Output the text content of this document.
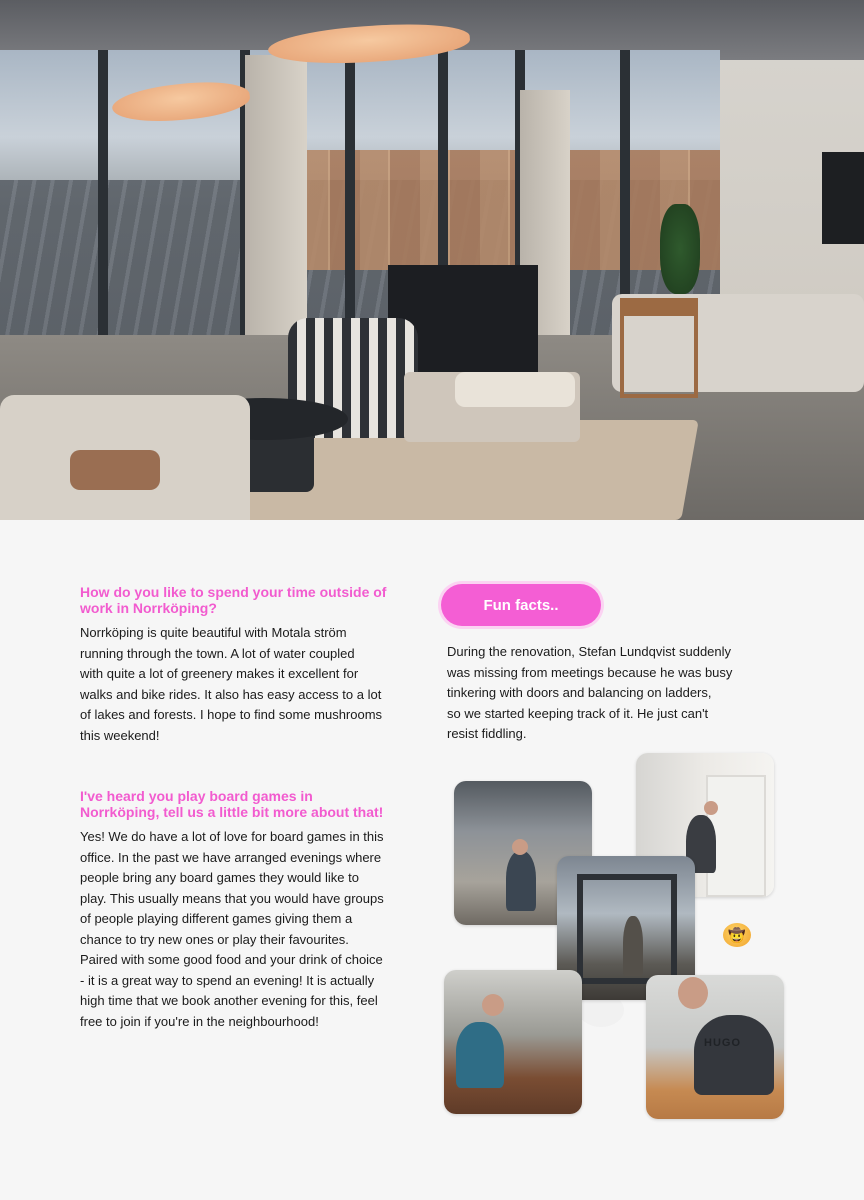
How do you like to spend your time outside of
work in Norrköping?

Norrköping is quite beautiful with Motala ström
running through the town. A lot of water coupled
with quite a lot of greenery makes it excellent for
walks and bike rides. It also has easy access to a lot
of lakes and forests. I hope to find some mushrooms
this weekend!

I've heard you play board games in
Norrköping, tell us a little bit more about that!

Yes! We do have a lot of love for board games in this
office. In the past we have arranged evenings where
people bring any board games they would like to
play. This usually means that you would have groups
of people playing different games giving them a
chance to try new ones or play their favourites.
Paired with some good food and your drink of choice
- it is a great way to spend an evening! It is actually
high time that we book another evening for this, feel
free to join if you're in the neighbourhood!

Fun facts..

During the renovation, Stefan Lundqvist suddenly
was missing from meetings because he was busy
tinkering with doors and balancing on ladders,
so we started keeping track of it. He just can't
resist fiddling.

HUGO
🤠
